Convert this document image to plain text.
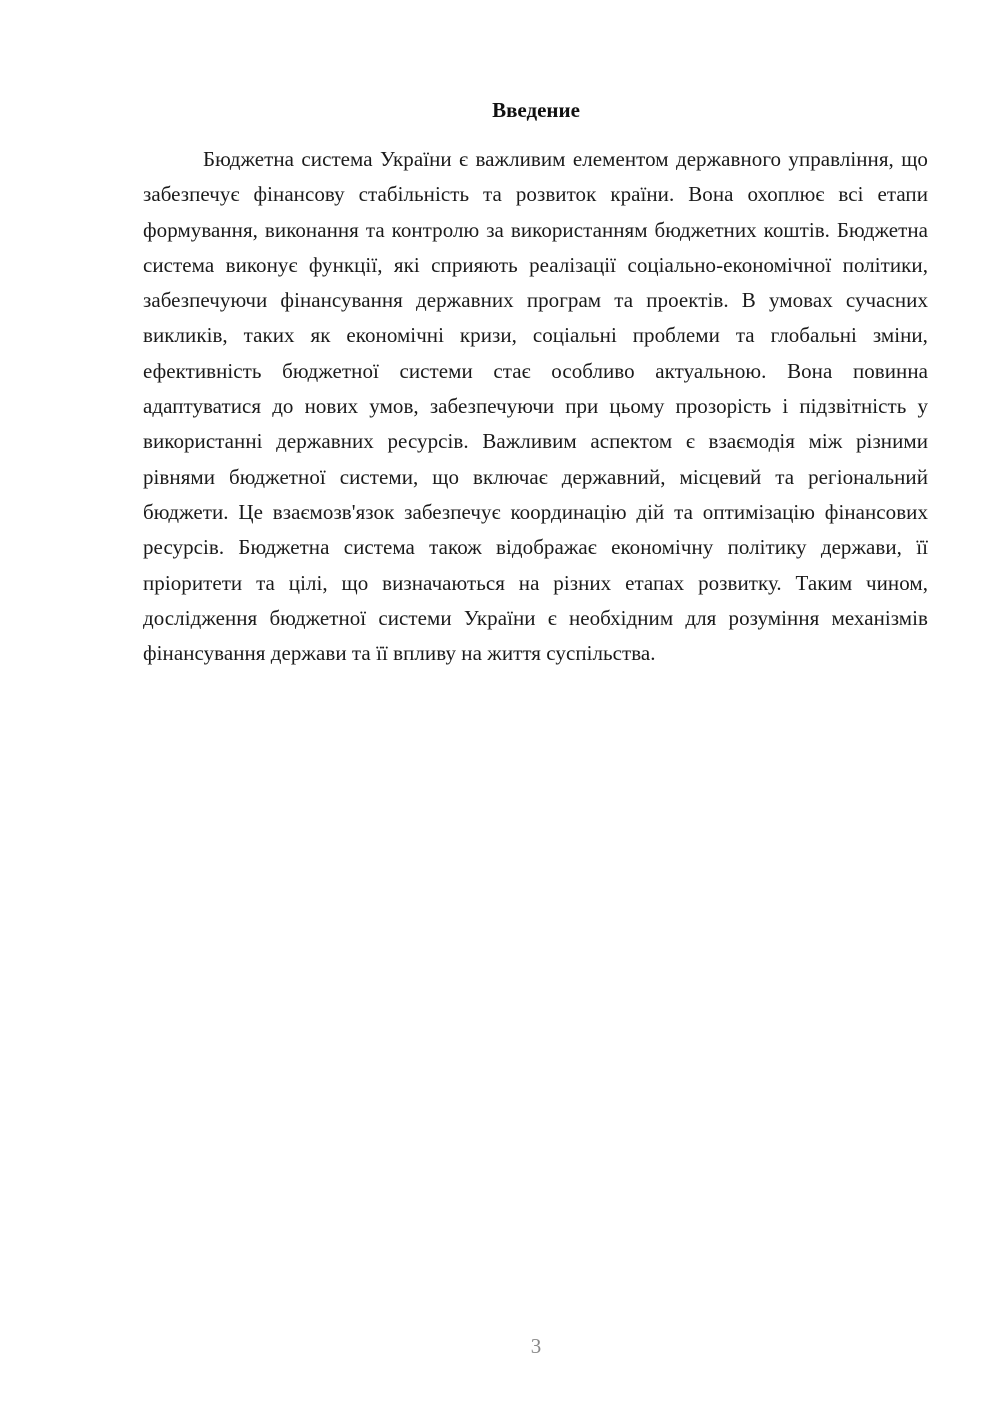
Введение

Бюджетна система України є важливим елементом державного управління, що забезпечує фінансову стабільність та розвиток країни. Вона охоплює всі етапи формування, виконання та контролю за використанням бюджетних коштів. Бюджетна система виконує функції, які сприяють реалізації соціально-економічної політики, забезпечуючи фінансування державних програм та проектів. В умовах сучасних викликів, таких як економічні кризи, соціальні проблеми та глобальні зміни, ефективність бюджетної системи стає особливо актуальною. Вона повинна адаптуватися до нових умов, забезпечуючи при цьому прозорість і підзвітність у використанні державних ресурсів. Важливим аспектом є взаємодія між різними рівнями бюджетної системи, що включає державний, місцевий та регіональний бюджети. Це взаємозв'язок забезпечує координацію дій та оптимізацію фінансових ресурсів. Бюджетна система також відображає економічну політику держави, її пріоритети та цілі, що визначаються на різних етапах розвитку. Таким чином, дослідження бюджетної системи України є необхідним для розуміння механізмів фінансування держави та її впливу на життя суспільства.

3
